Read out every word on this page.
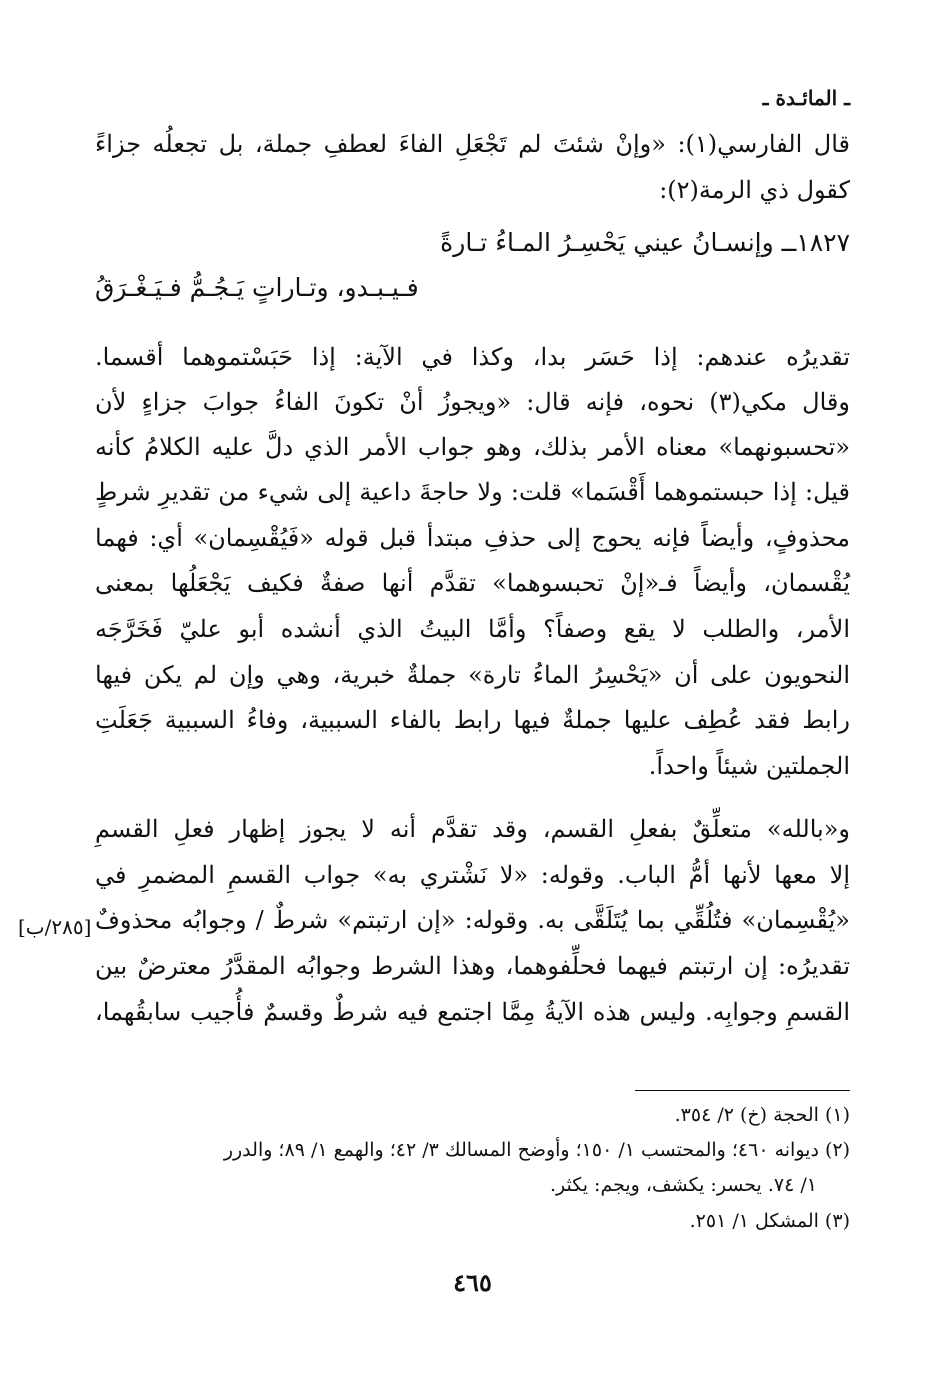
ـ المائـدة ـ
قال الفارسي(١): «وإنْ شئتَ لم تَجْعَلِ الفاءَ لعطفِ جملة، بل تجعلُه جزاءً
كقول ذي الرمة(٢):
١٨٢٧ــ وإنسـانُ عيني يَحْسِـرُ المـاءُ تـارةً
فـيـبـدو، وتـاراتٍ يَـجُـمُّ فـيَـغْـرَقُ
تقديرُه عندهم: إذا حَسَر بدا، وكذا في الآية: إذا حَبَسْتموهما أقسما.
وقال مكي(٣) نحوه، فإنه قال: «ويجوزُ أنْ تكونَ الفاءُ جوابَ جزاءٍ لأن
«تحسبونهما» معناه الأمر بذلك، وهو جواب الأمر الذي دلَّ عليه الكلامُ كأنه
قيل: إذا حبستموهما أَقْسَما» قلت: ولا حاجةَ داعية إلى شيء من تقديرِ شرطٍ
محذوفٍ، وأيضاً فإنه يحوج إلى حذفِ مبتدأ قبل قوله «فَيُقْسِمان» أي: فهما
يُقْسمان، وأيضاً فـ«إنْ تحبسوهما» تقدَّم أنها صفةٌ فكيف يَجْعَلُها بمعنى
الأمر، والطلب لا يقع وصفاً؟ وأمَّا البيتُ الذي أنشده أبو عليّ فَخَرَّجَه
النحويون على أن «يَحْسِرُ الماءُ تارة» جملةٌ خبرية، وهي وإن لم يكن فيها
رابط فقد عُطِف عليها جملةٌ فيها رابط بالفاء السببية، وفاءُ السببية جَعَلَتِ
الجملتين شيئاً واحداً.
و«بالله» متعلِّقٌ بفعلِ القسم، وقد تقدَّم أنه لا يجوز إظهار فعلِ القسمِ
إلا معها لأنها أمُّ الباب. وقوله: «لا نَشْتري به» جواب القسمِ المضمرِ في
«يُقْسِمان» فتُلُقِّي بما يُتَلَقَّى به. وقوله: «إن ارتبتم» شرطٌ / وجوابُه محذوفٌ
تقديرُه: إن ارتبتم فيهما فحلِّفوهما، وهذا الشرط وجوابُه المقدَّرُ معترضٌ بين
القسمِ وجوابِه. وليس هذه الآيةُ مِمَّا اجتمع فيه شرطٌ وقسمٌ فأُجيب سابقُهما،
[٢٨٥/ب]
(١) الحجة (خ) ٢/ ٣٥٤.
(٢) ديوانه ٤٦٠؛ والمحتسب ١/ ١٥٠؛ وأوضح المسالك ٣/ ٤٢؛ والهمع ١/ ٨٩؛ والدرر
١/ ٧٤. يحسر: يكشف، ويجم: يكثر.
(٣) المشكل ١/ ٢٥١.
٤٦٥
